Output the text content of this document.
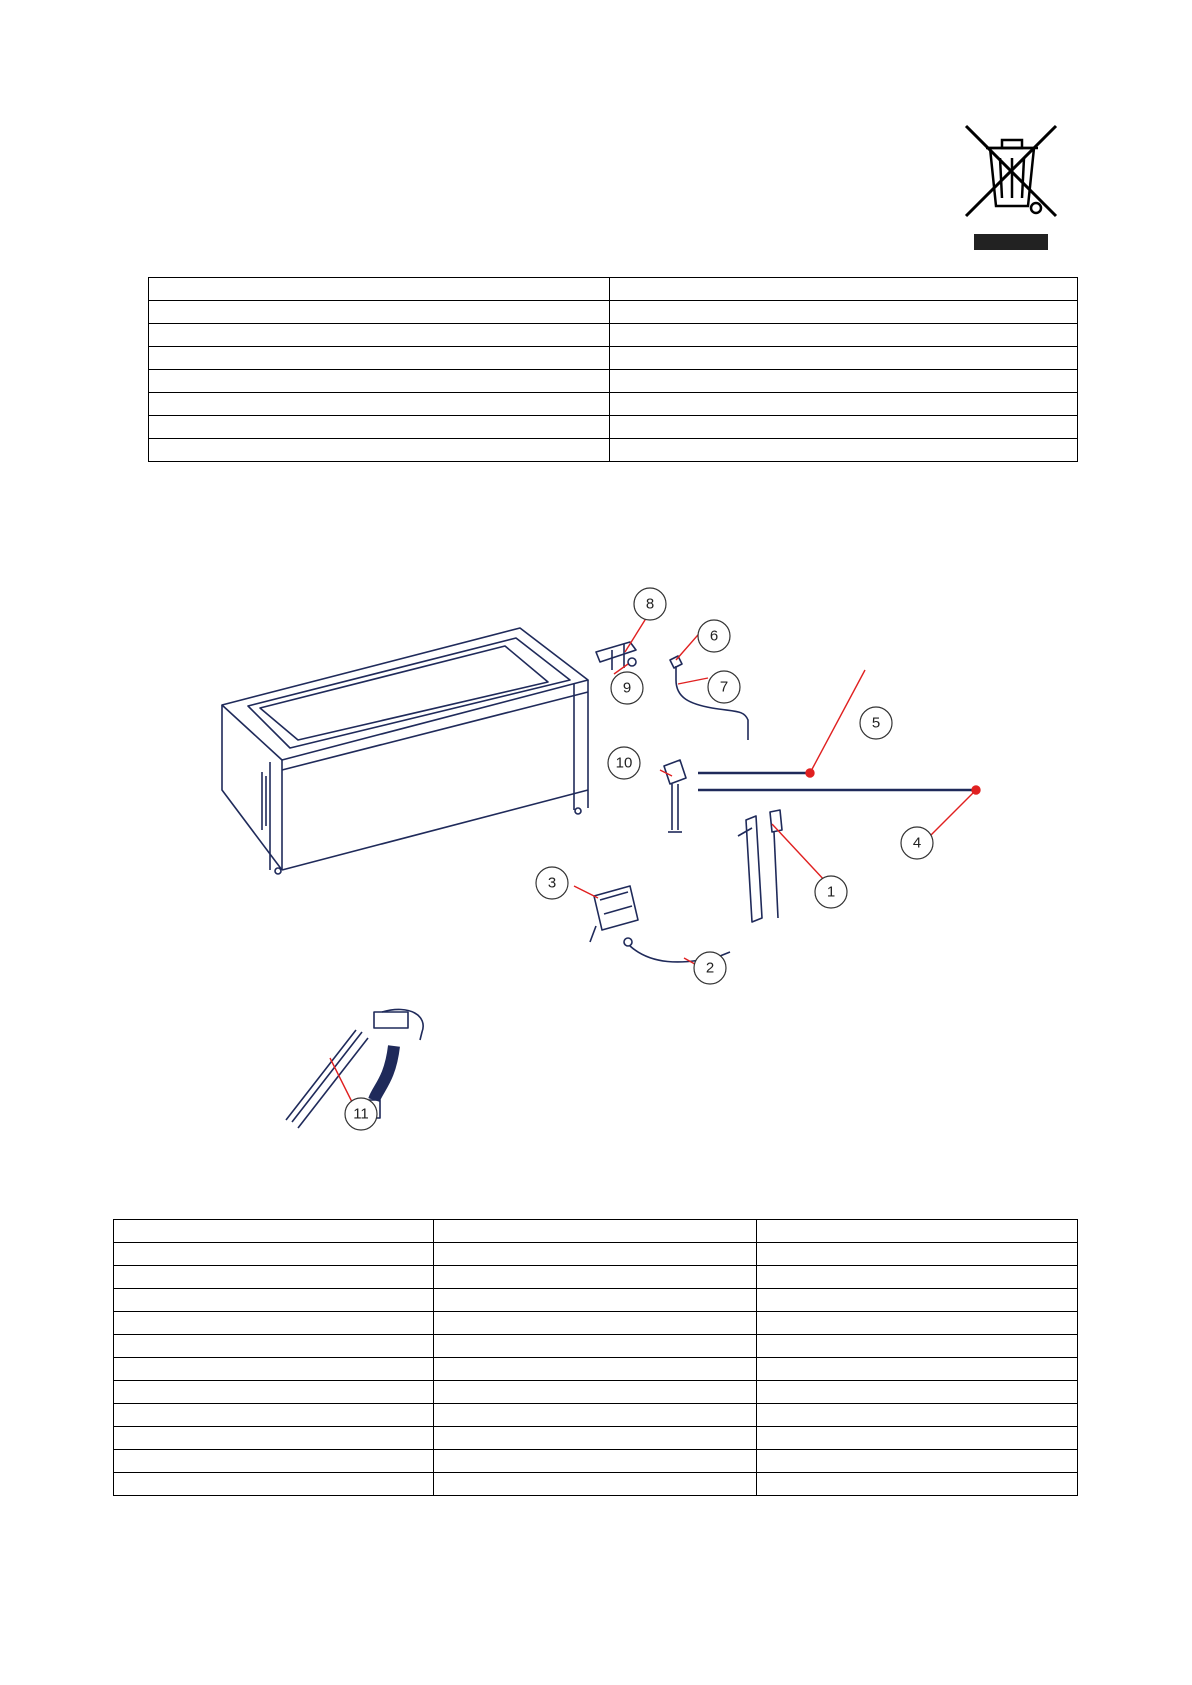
8
9
6
7
5
10
4
1
3
2
11
